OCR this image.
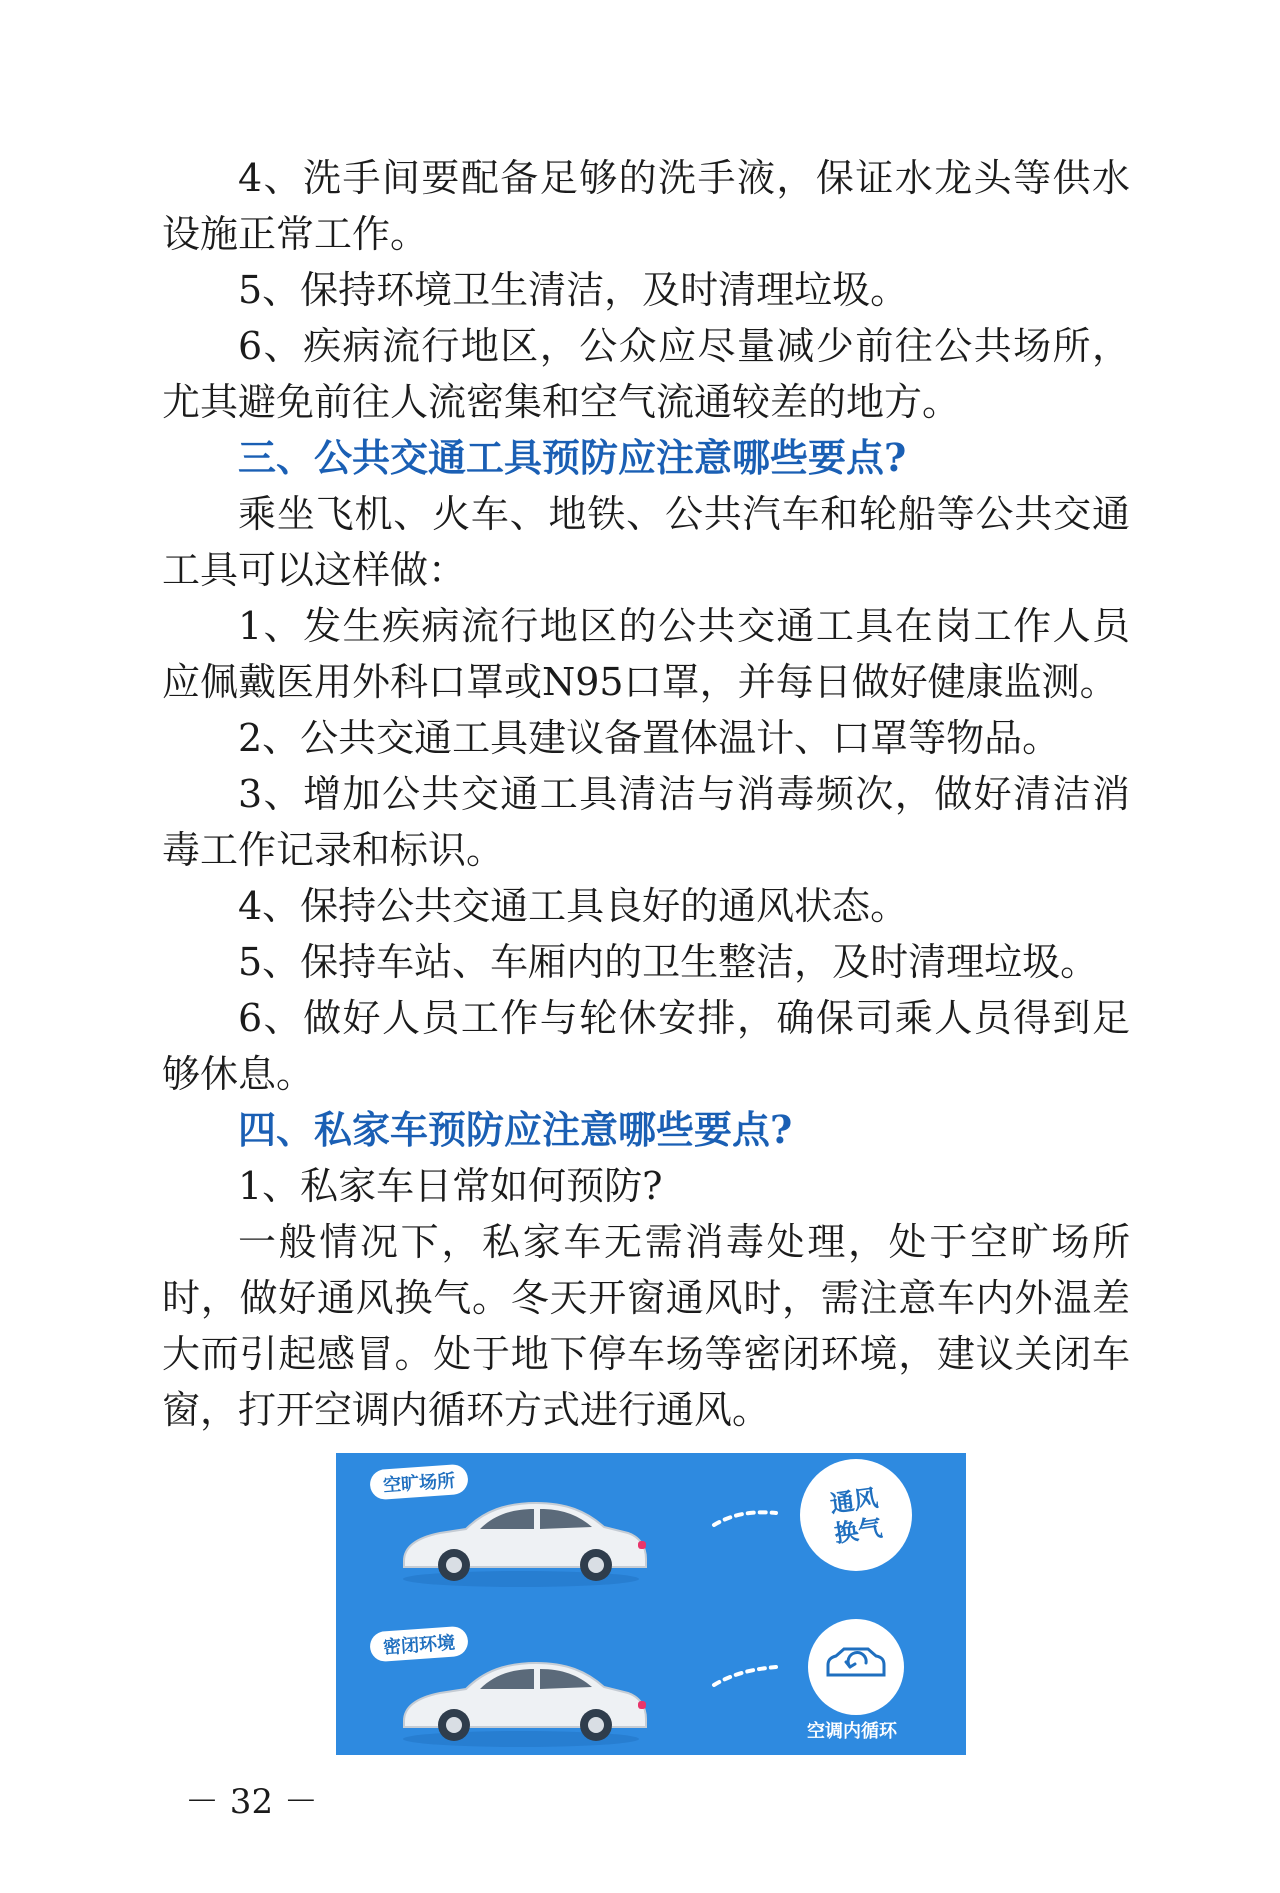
4、洗手间要配备足够的洗手液，保证水龙头等供水设施正常工作。

5、保持环境卫生清洁，及时清理垃圾。

6、疾病流行地区，公众应尽量减少前往公共场所，尤其避免前往人流密集和空气流通较差的地方。

三、公共交通工具预防应注意哪些要点?

乘坐飞机、火车、地铁、公共汽车和轮船等公共交通工具可以这样做：

1、发生疾病流行地区的公共交通工具在岗工作人员应佩戴医用外科口罩或N95口罩，并每日做好健康监测。

2、公共交通工具建议备置体温计、口罩等物品。

3、增加公共交通工具清洁与消毒频次，做好清洁消毒工作记录和标识。

4、保持公共交通工具良好的通风状态。

5、保持车站、车厢内的卫生整洁，及时清理垃圾。

6、做好人员工作与轮休安排，确保司乘人员得到足够休息。

四、私家车预防应注意哪些要点?

1、私家车日常如何预防?

一般情况下，私家车无需消毒处理，处于空旷场所时，做好通风换气。冬天开窗通风时，需注意车内外温差大而引起感冒。处于地下停车场等密闭环境，建议关闭车窗，打开空调内循环方式进行通风。

空旷场所
通风
换气
密闭环境
空调内循环
－ 32 －
